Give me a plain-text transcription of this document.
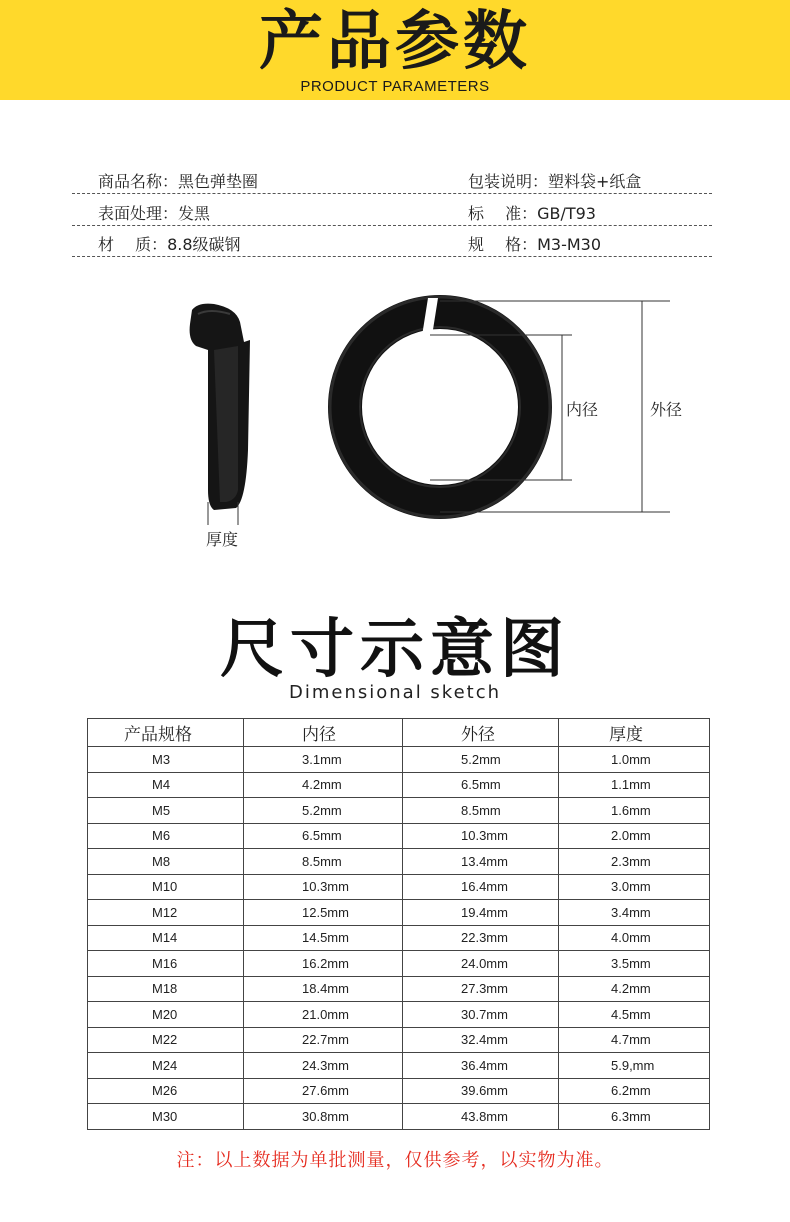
产品参数
PRODUCT PARAMETERS
商品名称：黑色弹垫圈	包装说明：塑料袋+纸盒
表面处理：发黑	标　 准：GB/T93
材　 质：8.8级碳钢	规　 格：M3-M30
厚度
内径	外径
尺寸示意图
Dimensional sketch
产品规格	内径	外径	厚度
M3	3.1mm	5.2mm	1.0mm
M4	4.2mm	6.5mm	1.1mm
M5	5.2mm	8.5mm	1.6mm
M6	6.5mm	10.3mm	2.0mm
M8	8.5mm	13.4mm	2.3mm
M10	10.3mm	16.4mm	3.0mm
M12	12.5mm	19.4mm	3.4mm
M14	14.5mm	22.3mm	4.0mm
M16	16.2mm	24.0mm	3.5mm
M18	18.4mm	27.3mm	4.2mm
M20	21.0mm	30.7mm	4.5mm
M22	22.7mm	32.4mm	4.7mm
M24	24.3mm	36.4mm	5.9,mm
M26	27.6mm	39.6mm	6.2mm
M30	30.8mm	43.8mm	6.3mm
注：以上数据为单批测量，仅供参考，以实物为准。
